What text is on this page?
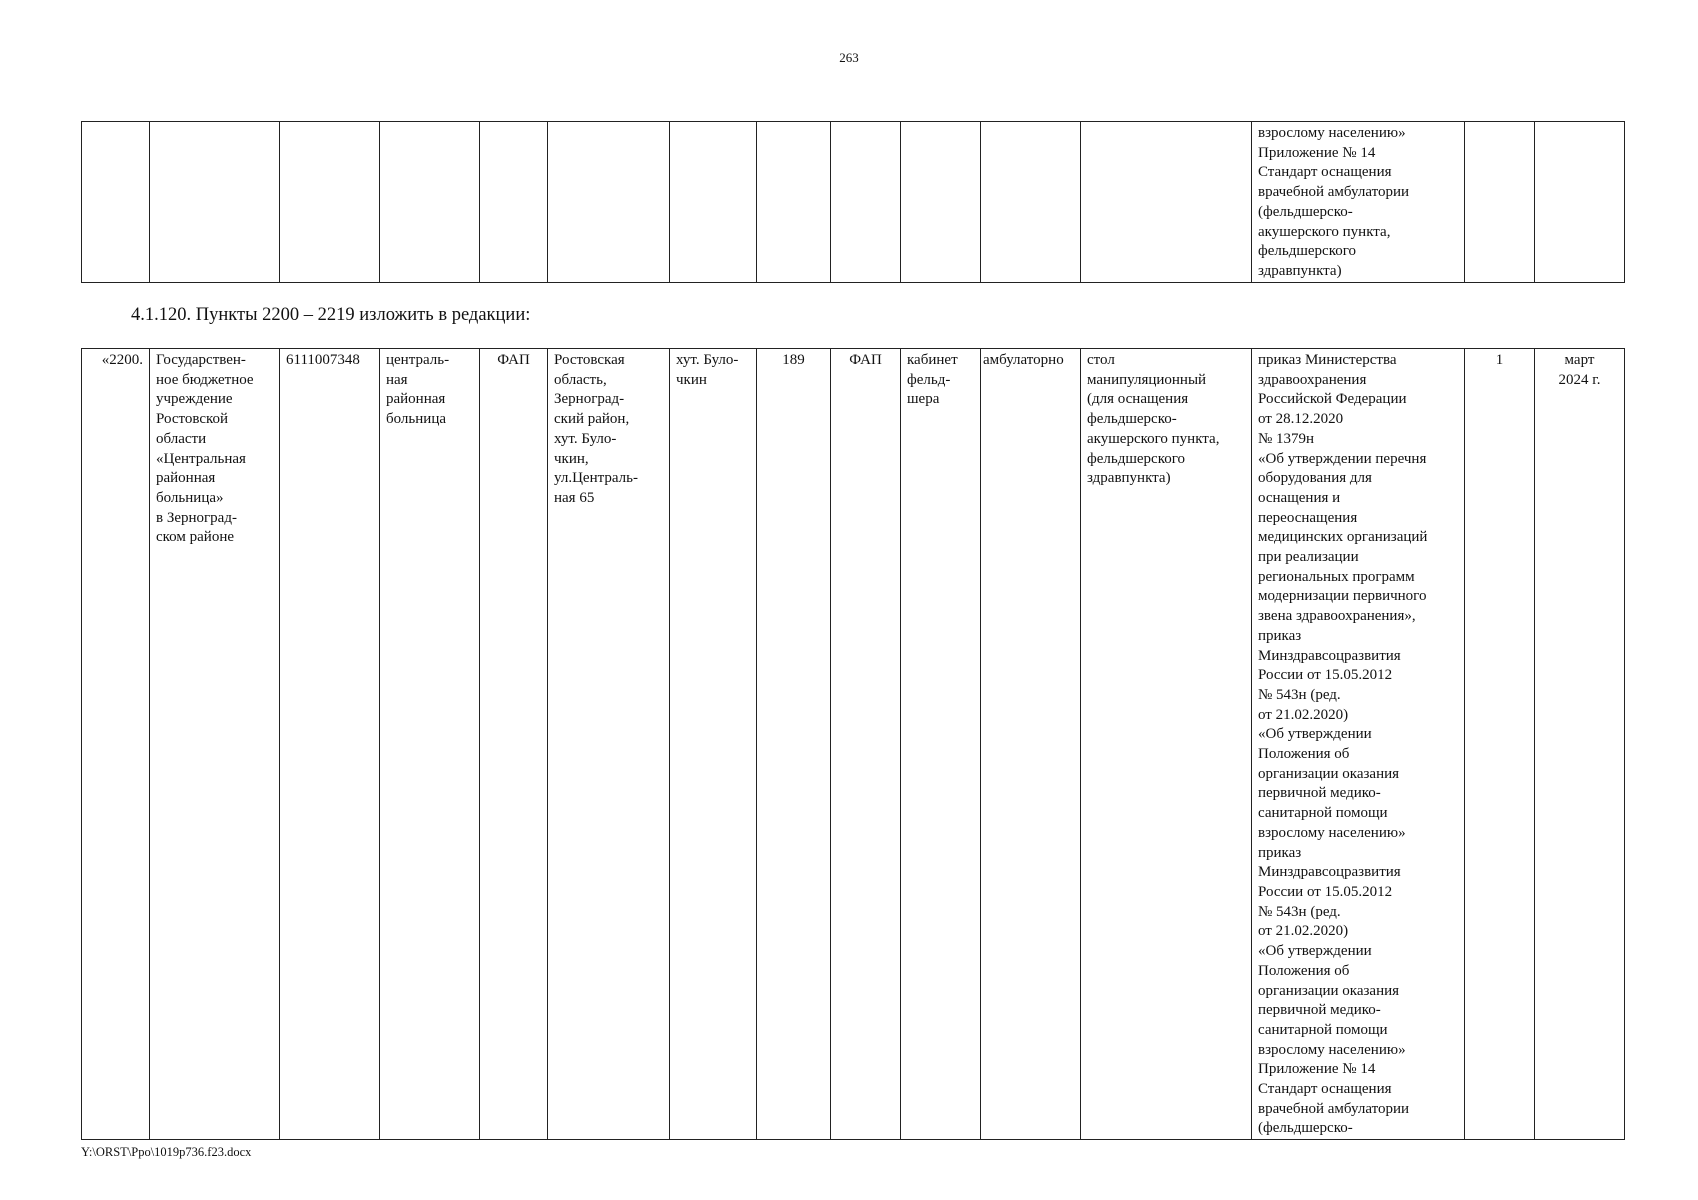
263
												взрослому населению»
Приложение № 14
Стандарт оснащения
врачебной амбулатории
(фельдшерско-
акушерского пункта,
фельдшерского
здравпункта)		
4.1.120. Пункты 2200 – 2219 изложить в редакции:
«2200.	Государствен-
ное бюджетное
учреждение
Ростовской
области
«Центральная
районная
больница»
в Зерноград-
ском районе	6111007348	централь-
ная
районная
больница	ФАП	Ростовская
область,
Зерноград-
ский район,
хут. Було-
чкин,
ул.Централь-
ная 65	хут. Було-
чкин	189	ФАП	кабинет
фельд-
шера	амбулаторно	стол
манипуляционный
(для оснащения
фельдшерско-
акушерского пункта,
фельдшерского
здравпункта)	приказ Министерства
здравоохранения
Российской Федерации
от 28.12.2020
№ 1379н
«Об утверждении перечня
оборудования для
оснащения и
переоснащения
медицинских организаций
при реализации
региональных программ
модернизации первичного
звена здравоохранения»,
приказ
Минздравсоцразвития
России от 15.05.2012
№ 543н (ред.
от 21.02.2020)
«Об утверждении
Положения об
организации оказания
первичной медико-
санитарной помощи
взрослому населению»
приказ
Минздравсоцразвития
России от 15.05.2012
№ 543н (ред.
от 21.02.2020)
«Об утверждении
Положения об
организации оказания
первичной медико-
санитарной помощи
взрослому населению»
Приложение № 14
Стандарт оснащения
врачебной амбулатории
(фельдшерско-	1	март
2024 г.
Y:\ORST\Ppo\1019p736.f23.docx
